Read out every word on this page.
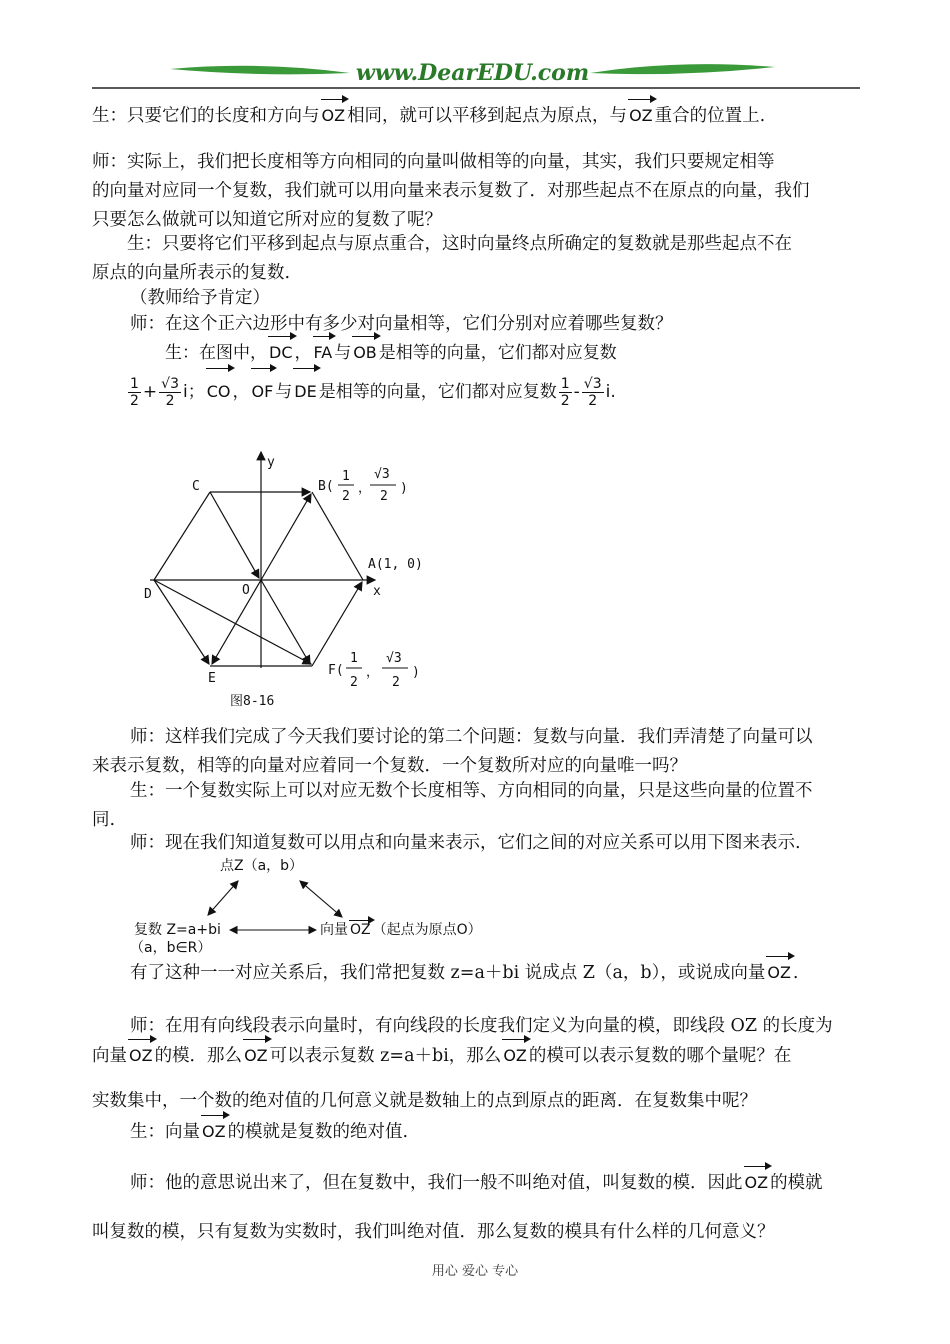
www.DearEDU.com
生：只要它们的长度和方向与 OZ 相同，就可以平移到起点为原点，与 OZ 重合的位置上.
师：实际上，我们把长度相等方向相同的向量叫做相等的向量，其实，我们只要规定相等
的向量对应同一个复数，我们就可以用向量来表示复数了．对那些起点不在原点的向量，我们
只要怎么做就可以知道它所对应的复数了呢？
生：只要将它们平移到起点与原点重合，这时向量终点所确定的复数就是那些起点不在
原点的向量所表示的复数.
（教师给予肯定）
师：在这个正六边形中有多少对向量相等，它们分别对应着哪些复数？
生：在图中， DC ， FA 与 OB 是相等的向量，它们都对应复数
$\frac{1}{2} + \frac{√3}{2}$ i； CO ， OF 与 DE 是相等的向量，它们都对应复数 $\frac{1}{2} - \frac{√3}{2} i$.
y
x
O
A(1, 0)
C
D
E
B(
1
2
，
√3
2
)
F(
1
2
，
√3
2
)
图8-16
师：这样我们完成了今天我们要讨论的第二个问题：复数与向量．我们弄清楚了向量可以
来表示复数，相等的向量对应着同一个复数．一个复数所对应的向量唯一吗？
生：一个复数实际上可以对应无数个长度相等、方向相同的向量，只是这些向量的位置不
同.
师：现在我们知道复数可以用点和向量来表示，它们之间的对应关系可以用下图来表示.
点Z（a，b）
复数 Z=a+bi
（a，b∈R）
向量 OZ （起点为原点O）
有了这种一一对应关系后，我们常把复数 z=a＋bi 说成点 Z（a，b），或说成向量 OZ .
师：在用有向线段表示向量时，有向线段的长度我们定义为向量的模，即线段 OZ 的长度为
向量 OZ 的模．那么 OZ 可以表示复数 z=a＋bi，那么 OZ 的模可以表示复数的哪个量呢？在
实数集中，一个数的绝对值的几何意义就是数轴上的点到原点的距离．在复数集中呢？
生：向量 OZ 的模就是复数的绝对值.
师：他的意思说出来了，但在复数中，我们一般不叫绝对值，叫复数的模．因此 OZ 的模就
叫复数的模，只有复数为实数时，我们叫绝对值．那么复数的模具有什么样的几何意义？
用心 爱心 专心
